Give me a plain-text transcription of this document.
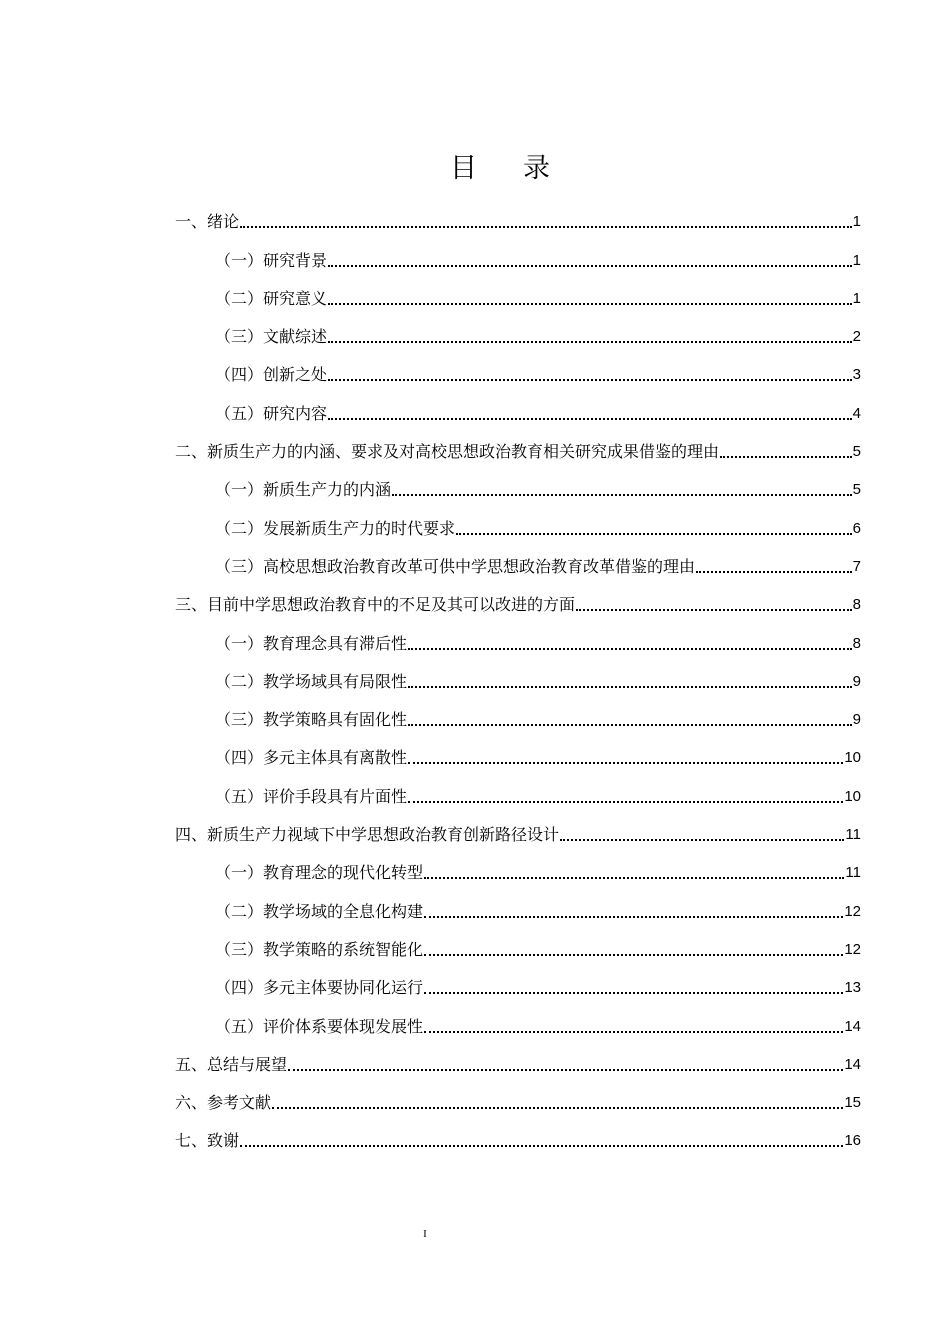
目 录
一、绪论	1
（一）研究背景	1
（二）研究意义	1
（三）文献综述	2
（四）创新之处	3
（五）研究内容	4
二、新质生产力的内涵、要求及对高校思想政治教育相关研究成果借鉴的理由	5
（一）新质生产力的内涵	5
（二）发展新质生产力的时代要求	6
（三）高校思想政治教育改革可供中学思想政治教育改革借鉴的理由	7
三、目前中学思想政治教育中的不足及其可以改进的方面	8
（一）教育理念具有滞后性	8
（二）教学场域具有局限性	9
（三）教学策略具有固化性	9
（四）多元主体具有离散性	10
（五）评价手段具有片面性	10
四、新质生产力视域下中学思想政治教育创新路径设计	11
（一）教育理念的现代化转型	11
（二）教学场域的全息化构建	12
（三）教学策略的系统智能化	12
（四）多元主体要协同化运行	13
（五）评价体系要体现发展性	14
五、总结与展望	14
六、参考文献	15
七、致谢	16
I
